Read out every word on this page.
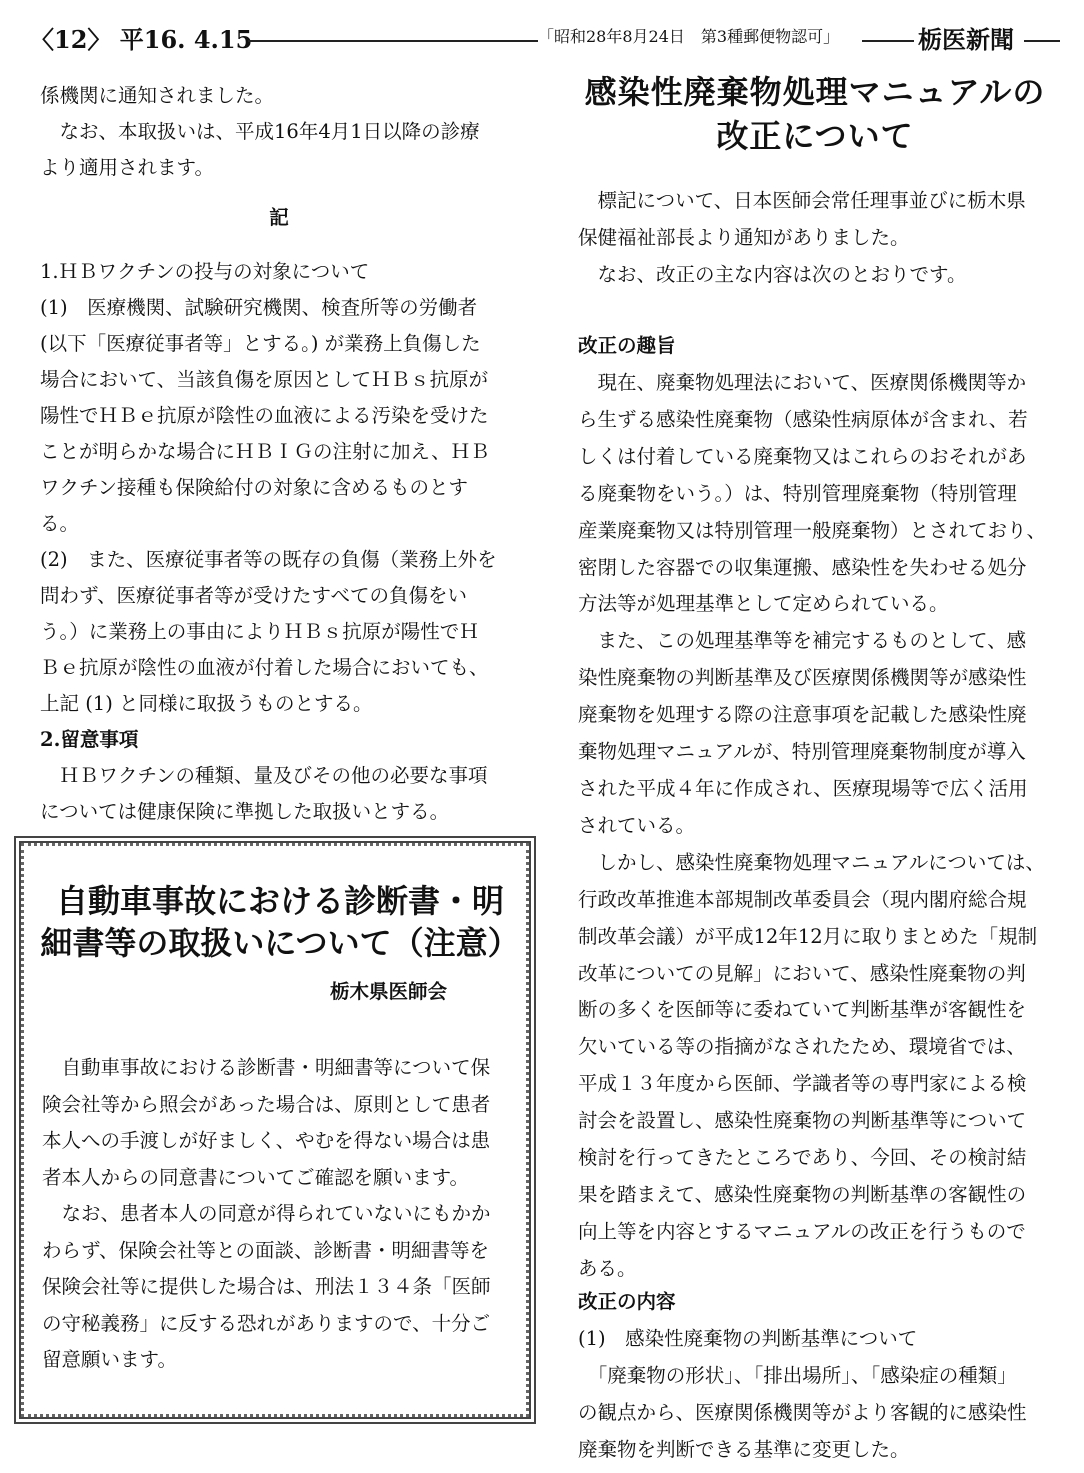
〈12〉 平16. 4.15	「昭和28年8月24日　第3種郵便物認可」	栃医新聞
係機関に通知されました。
　なお、本取扱いは、平成16年4月1日以降の診療
より適用されます。
記
1.ＨＢワクチンの投与の対象について
(1)　医療機関、試験研究機関、検査所等の労働者
(以下「医療従事者等」とする。) が業務上負傷した
場合において、当該負傷を原因としてＨＢｓ抗原が
陽性でＨＢｅ抗原が陰性の血液による汚染を受けた
ことが明らかな場合にＨＢＩＧの注射に加え、ＨＢ
ワクチン接種も保険給付の対象に含めるものとす
る。
(2)　また、医療従事者等の既存の負傷（業務上外を
問わず、医療従事者等が受けたすべての負傷をい
う。）に業務上の事由によりＨＢｓ抗原が陽性でＨ
Ｂｅ抗原が陰性の血液が付着した場合においても、
上記 (1) と同様に取扱うものとする。
2.留意事項
　ＨＢワクチンの種類、量及びその他の必要な事項
については健康保険に準拠した取扱いとする。
自動車事故における診断書・明
細書等の取扱いについて（注意）
栃木県医師会
　自動車事故における診断書・明細書等について保
険会社等から照会があった場合は、原則として患者
本人への手渡しが好ましく、やむを得ない場合は患
者本人からの同意書についてご確認を願います。
　なお、患者本人の同意が得られていないにもかか
わらず、保険会社等との面談、診断書・明細書等を
保険会社等に提供した場合は、刑法１３４条「医師
の守秘義務」に反する恐れがありますので、十分ご
留意願います。
感染性廃棄物処理マニュアルの
改正について
　標記について、日本医師会常任理事並びに栃木県
保健福祉部長より通知がありました。
　なお、改正の主な内容は次のとおりです。
改正の趣旨
　現在、廃棄物処理法において、医療関係機関等か
ら生ずる感染性廃棄物（感染性病原体が含まれ、若
しくは付着している廃棄物又はこれらのおそれがあ
る廃棄物をいう。）は、特別管理廃棄物（特別管理
産業廃棄物又は特別管理一般廃棄物）とされており、
密閉した容器での収集運搬、感染性を失わせる処分
方法等が処理基準として定められている。
　また、この処理基準等を補完するものとして、感
染性廃棄物の判断基準及び医療関係機関等が感染性
廃棄物を処理する際の注意事項を記載した感染性廃
棄物処理マニュアルが、特別管理廃棄物制度が導入
された平成４年に作成され、医療現場等で広く活用
されている。
　しかし、感染性廃棄物処理マニュアルについては、
行政改革推進本部規制改革委員会（現内閣府総合規
制改革会議）が平成12年12月に取りまとめた「規制
改革についての見解」において、感染性廃棄物の判
断の多くを医師等に委ねていて判断基準が客観性を
欠いている等の指摘がなされたため、環境省では、
平成１３年度から医師、学識者等の専門家による検
討会を設置し、感染性廃棄物の判断基準等について
検討を行ってきたところであり、今回、その検討結
果を踏まえて、感染性廃棄物の判断基準の客観性の
向上等を内容とするマニュアルの改正を行うもので
ある。
改正の内容
(1)　感染性廃棄物の判断基準について
　「廃棄物の形状」、「排出場所」、「感染症の種類」
の観点から、医療関係機関等がより客観的に感染性
廃棄物を判断できる基準に変更した。
